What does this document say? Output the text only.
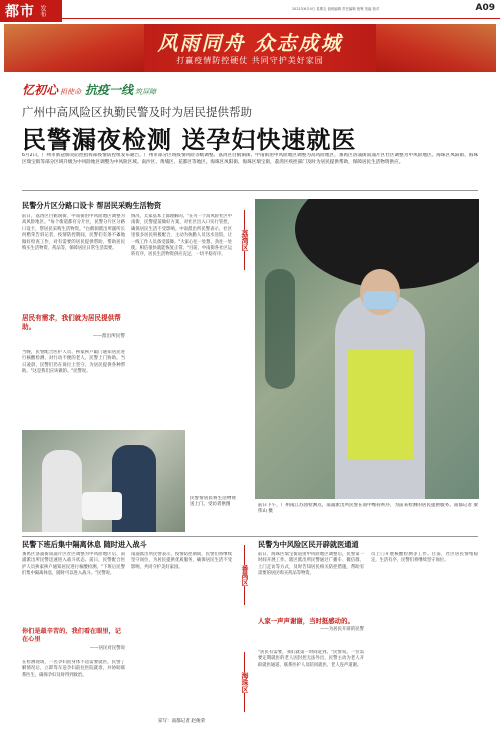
都市 发布	2021年6月4日 星期五 值班编辑 责任编辑 统筹 美编 校对	A09
风雨同舟 众志成城
打赢疫情防控硬仗 共同守护美好家园
忆初心 担使命 抗疫一线 筑屏障
广州中高风险区执勤民警及时为居民提供帮助
民警漏夜检测 送孕妇快速就医
6月2日，广州市新冠肺炎防控指挥部疫情防控组发布通告，广州市部分区域疫情风险等级调整。荔湾区白鹤洞街、中南街由中风险地区调整为高风险地区，番禺区洛浦街南浦片区社区调整为中风险地区。海珠区凤阳街、海珠区瑞宝街等部分区域升级为中风险地区调整为中风险区域。南沙区、黄埔区、花都区等地区。海珠区凤阳街、海珠区瑞宝街，荔湾区疾控部门及时为居民提供帮助，保障居民生活物资供应。
民警分片区分路口设卡 帮居民采购生活物资
前日，荔湾区白鹤洞街、中南街由中风险地区调整为高风险地区。"每个街道都有分片区，民警分片区分路口设卡，帮居民采购生活物资。"白鹤洞派出所副所长何楷荣告诉记者，疫情防控期间，民警们有条不紊地做好检查工作，对有需要的居民提供帮助，帮助居民购买生活物资、药品等，保障居民日常生活需要。
居民有需求，我们就为居民提供帮助。
——派出所民警
当晚，民警配合医护人员，挨家挨户敲门通知居民进行核酸检测，对行动不便的老人，民警上门协助。当日凌晨，民警们仍在岗位上坚守，为居民提供各种帮助。"这是我们应该做的。"民警说。
情况，太家基本上都理解的。"在另一个高风险社区中南街，民警提前做好方案，对社区出入口实行管控，确保居民生活不受影响。中南派出所民警表示，社区里很多居民积极配合，主动为执勤人员送水送饭，让一线工作人员备受鼓舞。"大家心往一处想，劲往一处使，相信很快就能恢复正常。"目前，中南街各社区运转有序，居民生活物资供应充足，一切平稳有序。
荔湾区
前日下午，广州南江苏园检测点，南浦派出所民警在雨中维持秩序，为前来检测的居民提供服务。南都记者 梁伟山 摄
民警帮居民将生活物资送上门。受访者供图
民警下班后集中隔离休息 随时进入战斗
番禺区洛浦街南浦片区社区调整为中风险地区后，南浦派出所民警迅速进入战斗状态。前日，民警配合医护人员挨家挨户通知居民进行核酸检测。"下班后民警们集中隔离休息，随时可以进入战斗。"民警说。
你们是最辛苦的，我们看在眼里，记在心里
——居民对民警说
在检测现场，一名孕妇因身体不适需要就医，民警了解情况后，立即驾车送孕妇前往医院就诊，并协助联系医生，确保孕妇及时得到救治。
南浦派出所民警表示，疫情防控期间，民警们将继续坚守岗位，为居民提供优质服务，确保居民生活不受影响，共同守护美好家园。
采写：南都记者 赵俊荣
番禺区
海珠区
民警为中风险区民开辟就医通道
前日，海珠区瑞宝街道由中风险地区调整后，民警第一时间开展工作。辖区派出所民警通过广播车、微信群、上门走访等方式，及时告知居民相关防控措施，帮助有需要的居民购买药品等物资。
人家一声声谢谢，当时挺感动的。
——为居民开辟的民警
"居民有需要，我们就第一时间赶到。"民警说。一位需要定期就医的老人因封控无法外出，民警主动为老人开辟就医通道，联系医护人员陪同就医，老人连声道谢。
员上门开展核酸检测等工作。目前，社区居民情绪稳定，生活有序，民警们将继续坚守岗位。
